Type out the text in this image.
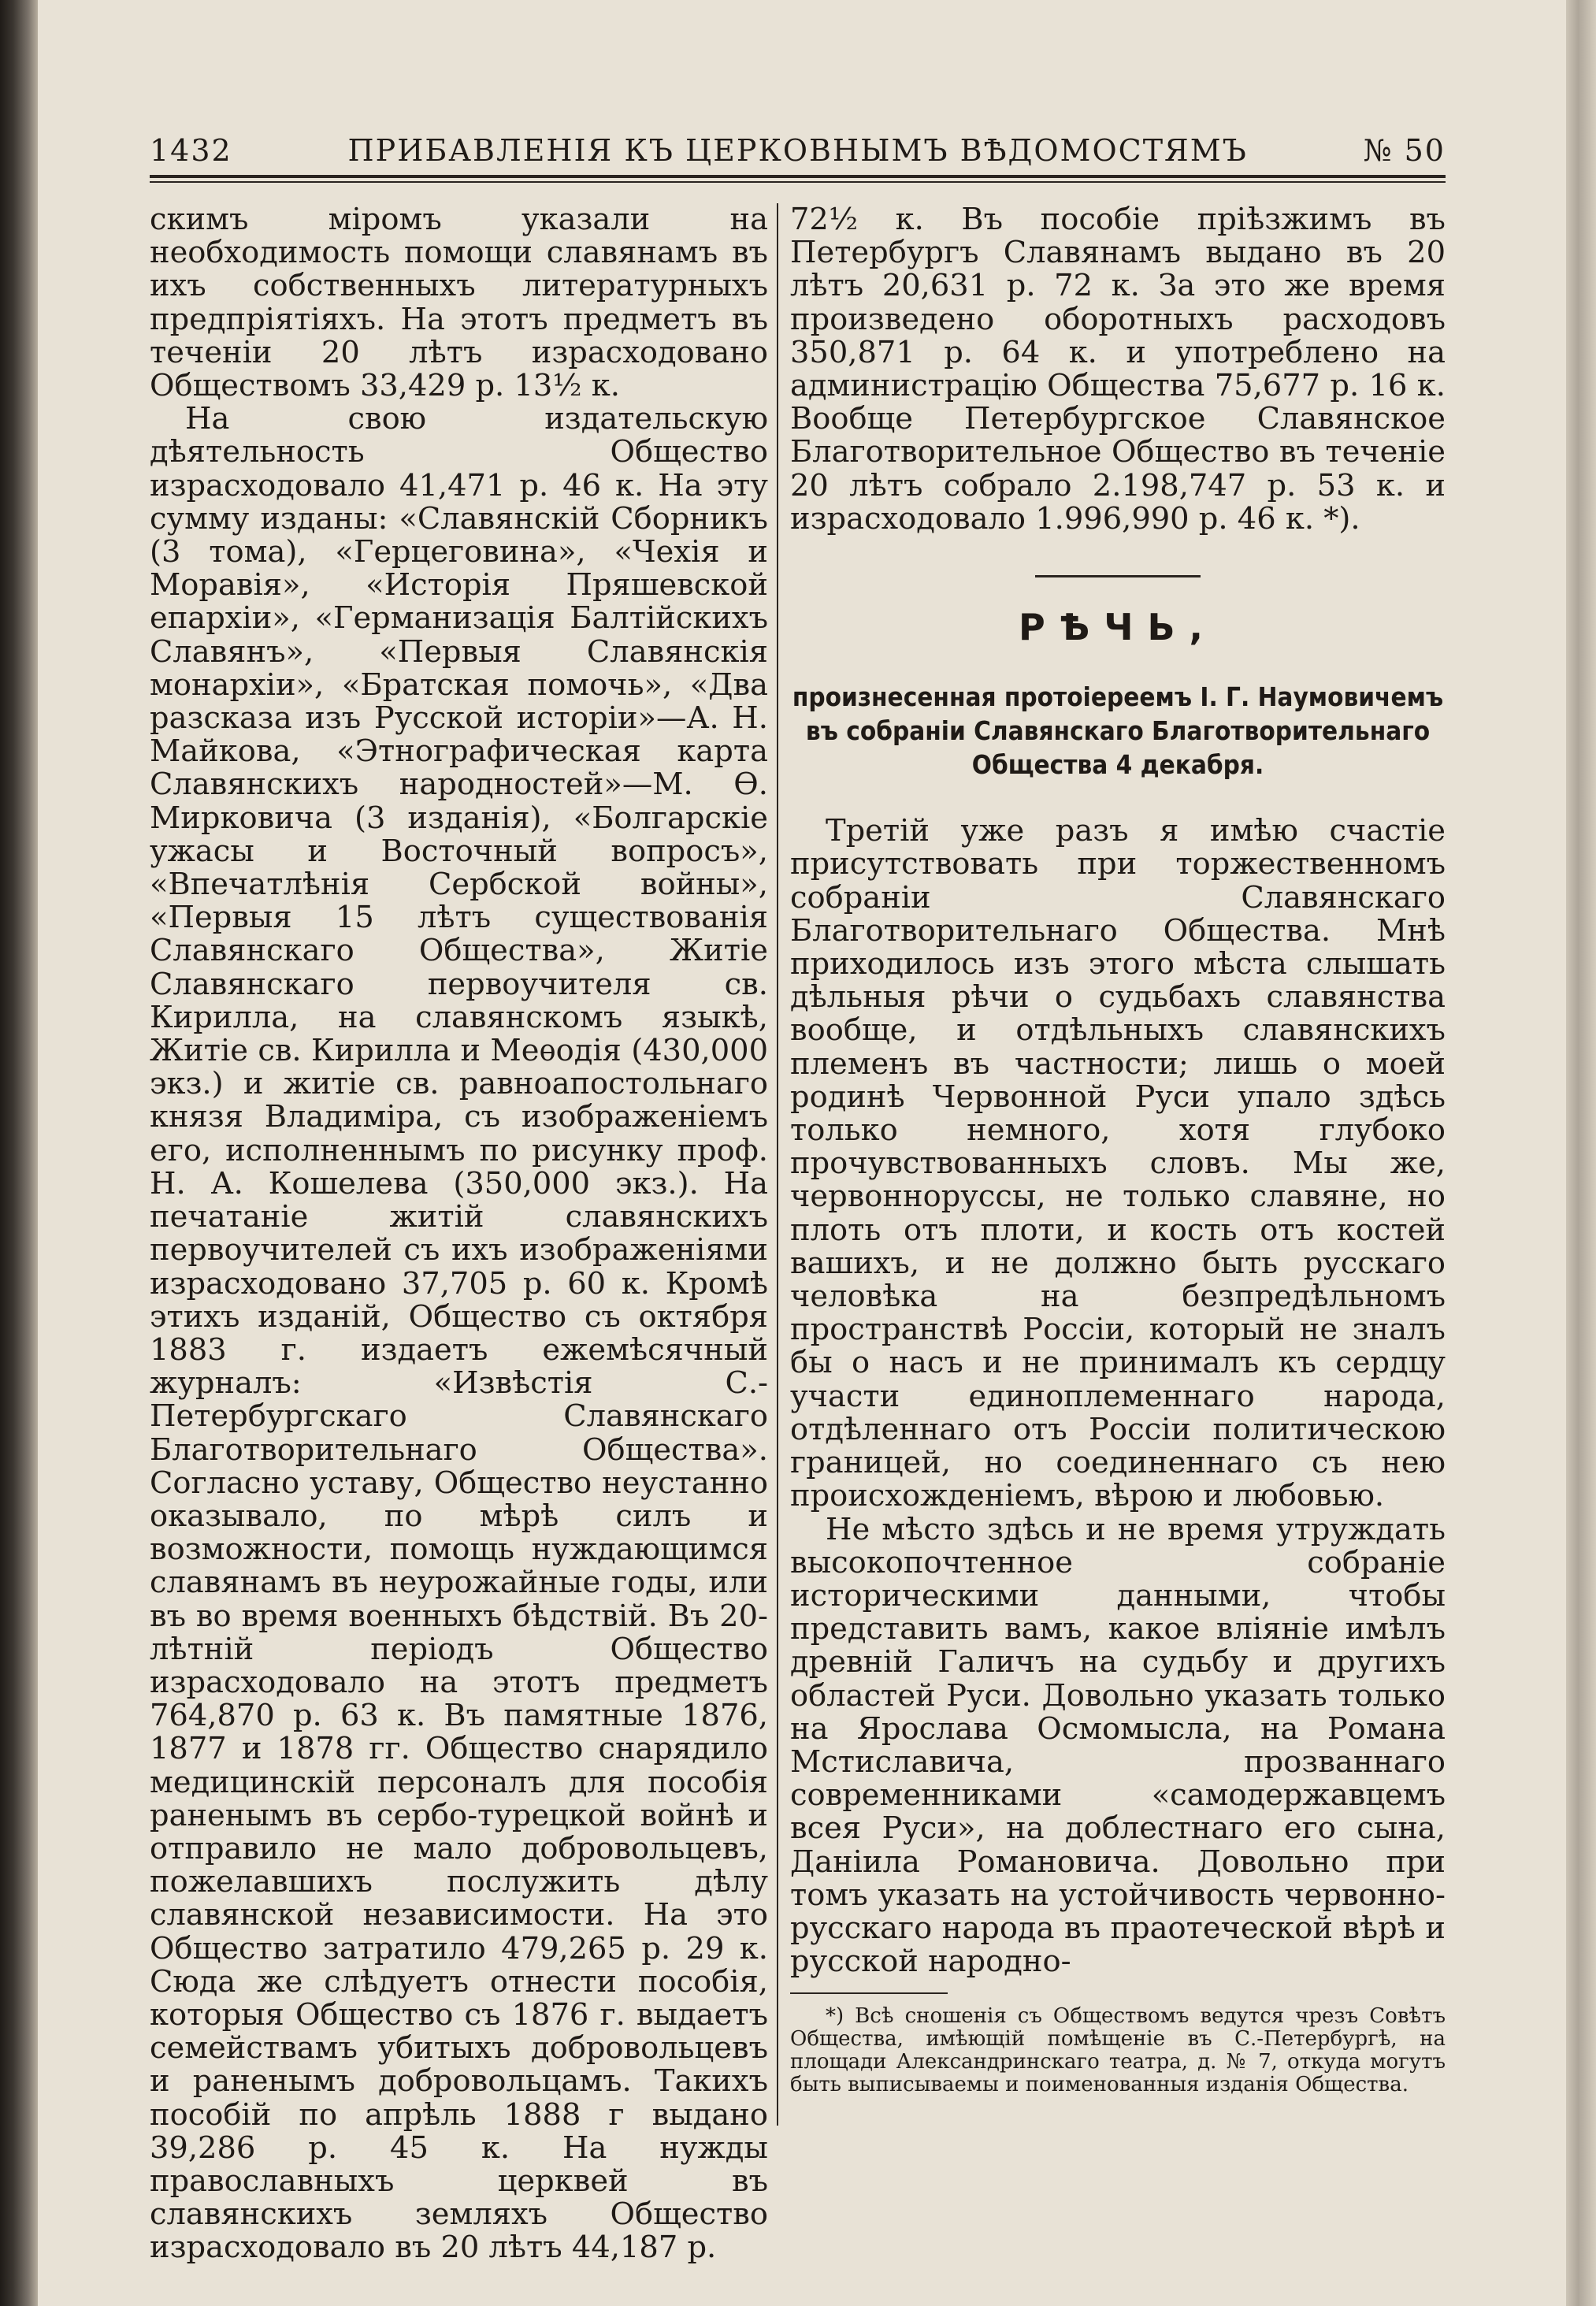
1432	ПРИБАВЛЕНІЯ КЪ ЦЕРКОВНЫМЪ ВѢДОМОСТЯМЪ	№ 50

скимъ міромъ указали на необходимость помощи славянамъ въ ихъ собственныхъ литературныхъ предпріятіяхъ. На этотъ предметъ въ теченіи 20 лѣтъ израсходовано Обществомъ 33,429 р. 13½ к.

На свою издательскую дѣятельность Общество израсходовало 41,471 р. 46 к. На эту сумму изданы: «Славянскій Сборникъ (3 тома), «Герцеговина», «Чехія и Моравія», «Исторія Пряшевской епархіи», «Германизація Балтійскихъ Славянъ», «Первыя Славянскія монархіи», «Братская помочь», «Два разсказа изъ Русской исторіи»—А. Н. Майкова, «Этнографическая карта Славянскихъ народностей»—М. Ѳ. Мирковича (3 изданія), «Болгарскіе ужасы и Восточный вопросъ», «Впечатлѣнія Сербской войны», «Первыя 15 лѣтъ существованія Славянскаго Общества», Житіе Славянскаго первоучителя св. Кирилла, на славянскомъ языкѣ, Житіе св. Кирилла и Меѳодія (430,000 экз.) и житіе св. равноапостольнаго князя Владиміра, съ изображеніемъ его, исполненнымъ по рисунку проф. Н. А. Кошелева (350,000 экз.). На печатаніе житій славянскихъ первоучителей съ ихъ изображеніями израсходовано 37,705 р. 60 к. Кромѣ этихъ изданій, Общество съ октября 1883 г. издаетъ ежемѣсячный журналъ: «Извѣстія С.-Петербургскаго Славянскаго Благотворительнаго Общества». Согласно уставу, Общество неустанно оказывало, по мѣрѣ силъ и возможности, помощь нуждающимся славянамъ въ неурожайные годы, или въ во время военныхъ бѣдствій. Въ 20-лѣтній періодъ Общество израсходовало на этотъ предметъ 764,870 р. 63 к. Въ памятные 1876, 1877 и 1878 гг. Общество снарядило медицинскій персоналъ для пособія раненымъ въ сербо-турецкой войнѣ и отправило не мало добровольцевъ, пожелавшихъ послужить дѣлу славянской независимости. На это Общество затратило 479,265 р. 29 к. Сюда же слѣдуетъ отнести пособія, которыя Общество съ 1876 г. выдаетъ семействамъ убитыхъ добровольцевъ и раненымъ добровольцамъ. Такихъ пособій по апрѣль 1888 г выдано 39,286 р. 45 к. На нужды православныхъ церквей въ славянскихъ земляхъ Общество израсходовало въ 20 лѣтъ 44,187 р.

72½ к. Въ пособіе пріѣзжимъ въ Петербургъ Славянамъ выдано въ 20 лѣтъ 20,631 р. 72 к. За это же время произведено оборотныхъ расходовъ 350,871 р. 64 к. и употреблено на администрацію Общества 75,677 р. 16 к. Вообще Петербургское Славянское Благотворительное Общество въ теченіе 20 лѣтъ собрало 2.198,747 р. 53 к. и израсходовало 1.996,990 р. 46 к. *).

РѢЧЬ,
произнесенная протоіереемъ І. Г. Наумовичемъ въ собраніи Славянскаго Благотворительнаго Общества 4 декабря.

Третій уже разъ я имѣю счастіе присутствовать при торжественномъ собраніи Славянскаго Благотворительнаго Общества. Мнѣ приходилось изъ этого мѣста слышать дѣльныя рѣчи о судьбахъ славянства вообще, и отдѣльныхъ славянскихъ племенъ въ частности; лишь о моей родинѣ Червонной Руси упало здѣсь только немного, хотя глубоко прочувствованныхъ словъ. Мы же, червонноруссы, не только славяне, но плоть отъ плоти, и кость отъ костей вашихъ, и не должно быть русскаго человѣка на безпредѣльномъ пространствѣ Россіи, который не зналъ бы о насъ и не принималъ къ сердцу участи единоплеменнаго народа, отдѣленнаго отъ Россіи политическою границей, но соединеннаго съ нею происхожденіемъ, вѣрою и любовью.

Не мѣсто здѣсь и не время утруждать высокопочтенное собраніе историческими данными, чтобы представить вамъ, какое вліяніе имѣлъ древній Галичъ на судьбу и другихъ областей Руси. Довольно указать только на Ярослава Осмомысла, на Романа Мстиславича, прозваннаго современниками «самодержавцемъ всея Руси», на доблестнаго его сына, Даніила Романовича. Довольно при томъ указать на устойчивость червонно-русскаго народа въ праотеческой вѣрѣ и русской народно-

*) Всѣ сношенія съ Обществомъ ведутся чрезъ Совѣтъ Общества, имѣющій помѣщеніе въ С.-Петербургѣ, на площади Александринскаго театра, д. № 7, откуда могутъ быть выписываемы и поименованныя изданія Общества.
